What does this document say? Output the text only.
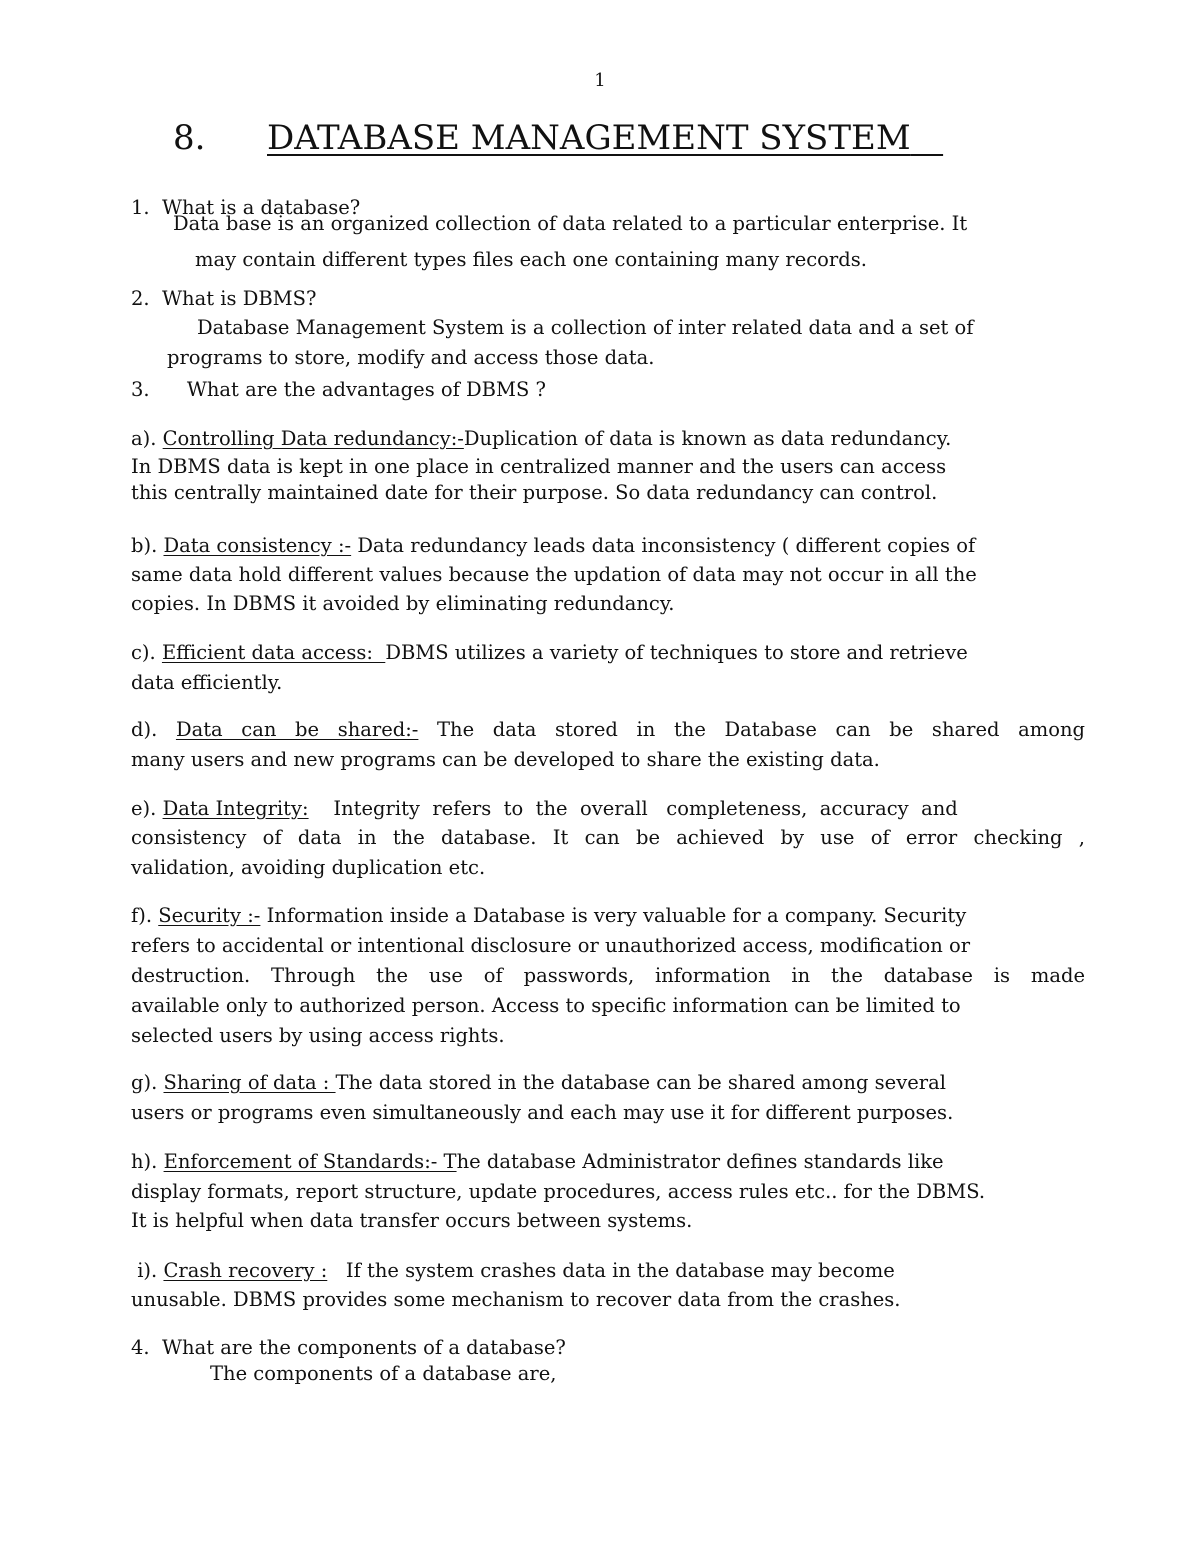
1
8. DATABASE MANAGEMENT SYSTEM
1. What is a database?
Data base is an organized collection of data related to a particular enterprise. It
may contain different types files each one containing many records.
2. What is DBMS?
Database Management System is a collection of inter related data and a set of
programs to store, modify and access those data.
3. What are the advantages of DBMS ?
a). Controlling Data redundancy:-Duplication of data is known as data redundancy.
In DBMS data is kept in one place in centralized manner and the users can access
this centrally maintained date for their purpose. So data redundancy can control.
b). Data consistency :- Data redundancy leads data inconsistency ( different copies of
same data hold different values because the updation of data may not occur in all the
copies. In DBMS it avoided by eliminating redundancy.
c). Efficient data access:  DBMS utilizes a variety of techniques to store and retrieve
data efficiently.
d). Data can be shared:- The data stored in the Database can be shared among
many users and new programs can be developed to share the existing data.
e). Data Integrity:    Integrity  refers  to  the  overall   completeness,  accuracy  and
consistency of data in the database. It can be achieved by use of error checking ,
validation, avoiding duplication etc.
f). Security :- Information inside a Database is very valuable for a company. Security
refers to accidental or intentional disclosure or unauthorized access, modification or
destruction. Through the use of passwords, information in the database is made
available only to authorized person. Access to specific information can be limited to
selected users by using access rights.
g). Sharing of data : The data stored in the database can be shared among several
users or programs even simultaneously and each may use it for different purposes.
h). Enforcement of Standards:- The database Administrator defines standards like
display formats, report structure, update procedures, access rules etc.. for the DBMS.
It is helpful when data transfer occurs between systems.
i). Crash recovery :   If the system crashes data in the database may become
unusable. DBMS provides some mechanism to recover data from the crashes.
4. What are the components of a database?
The components of a database are,
